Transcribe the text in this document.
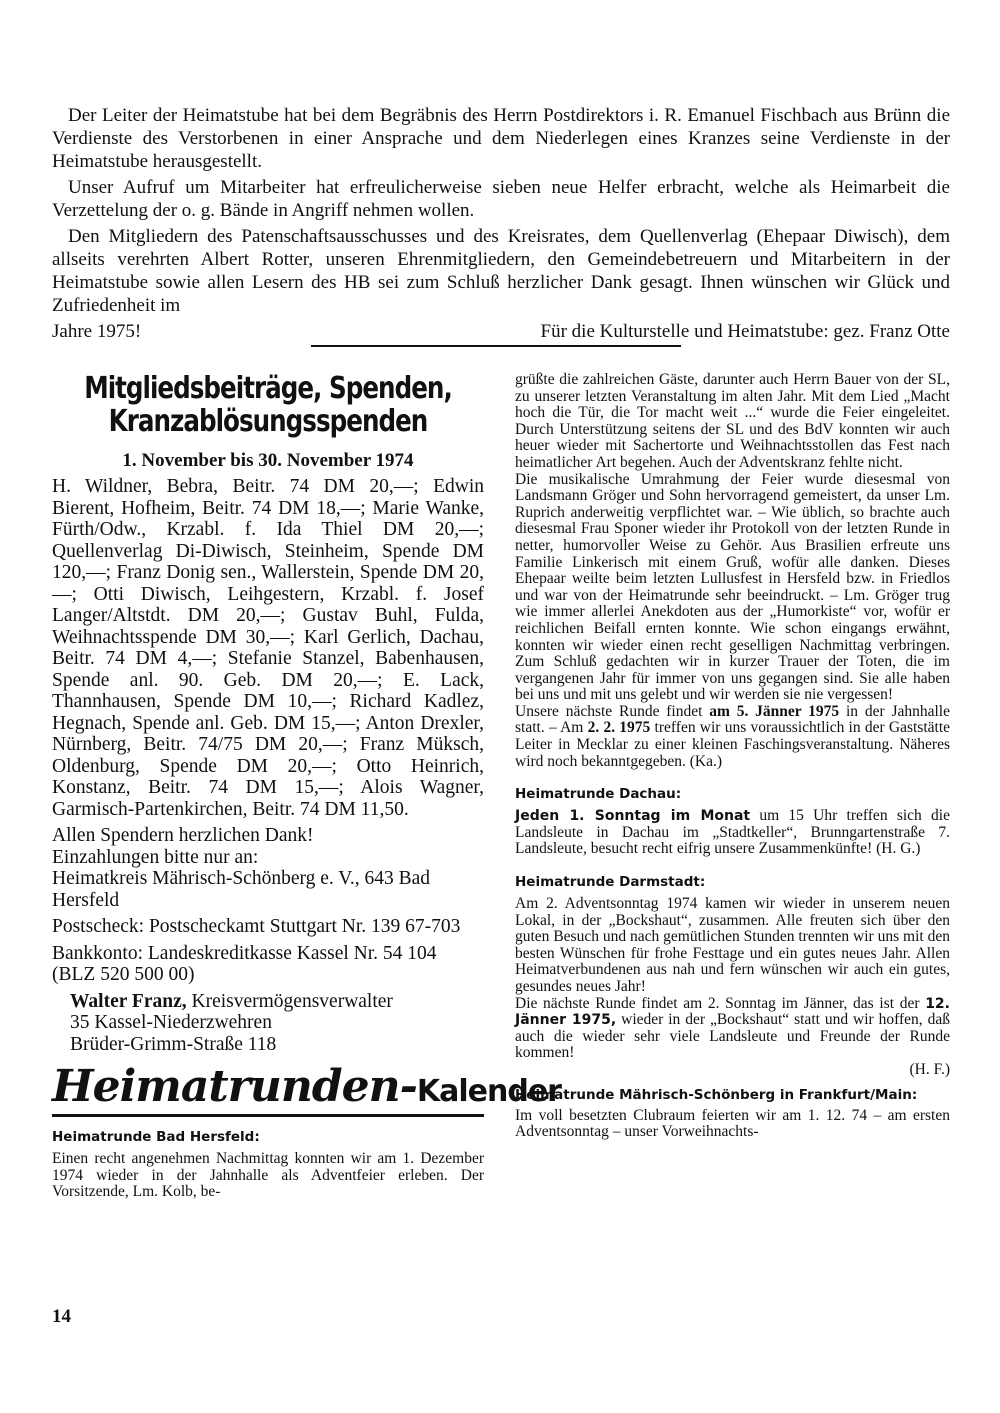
Der Leiter der Heimatstube hat bei dem Begräbnis des Herrn Postdirektors i. R. Emanuel Fischbach aus Brünn die Verdienste des Verstorbenen in einer Ansprache und dem Niederlegen eines Kranzes seine Verdienste in der Heimatstube herausgestellt.

Unser Aufruf um Mitarbeiter hat erfreulicherweise sieben neue Helfer erbracht, welche als Heimarbeit die Verzettelung der o. g. Bände in Angriff nehmen wollen.

Den Mitgliedern des Patenschaftsausschusses und des Kreisrates, dem Quellenverlag (Ehepaar Diwisch), dem allseits verehrten Albert Rotter, unseren Ehrenmitgliedern, den Gemeindebetreuern und Mitarbeitern in der Heimatstube sowie allen Lesern des HB sei zum Schluß herzlicher Dank gesagt. Ihnen wünschen wir Glück und Zufriedenheit im

Jahre 1975!	Für die Kulturstelle und Heimatstube: gez. Franz Otte
Mitgliedsbeiträge, Spenden,
Kranzablösungsspenden
1. November bis 30. November 1974

H. Wildner, Bebra, Beitr. 74 DM 20,—; Edwin Bierent, Hofheim, Beitr. 74 DM 18,—; Marie Wanke, Fürth/Odw., Krzabl. f. Ida Thiel DM 20,—; Quellenverlag Di-Diwisch, Steinheim, Spende DM 120,—; Franz Donig sen., Wallerstein, Spende DM 20,—; Otti Diwisch, Leihgestern, Krzabl. f. Josef Langer/Altstdt. DM 20,—; Gustav Buhl, Fulda, Weihnachtsspende DM 30,—; Karl Gerlich, Dachau, Beitr. 74 DM 4,—; Stefanie Stanzel, Babenhausen, Spende anl. 90. Geb. DM 20,—; E. Lack, Thannhausen, Spende DM 10,—; Richard Kadlez, Hegnach, Spende anl. Geb. DM 15,—; Anton Drexler, Nürnberg, Beitr. 74/75 DM 20,—; Franz Müksch, Oldenburg, Spende DM 20,—; Otto Heinrich, Konstanz, Beitr. 74 DM 15,—; Alois Wagner, Garmisch-Partenkirchen, Beitr. 74 DM 11,50.

Allen Spendern herzlichen Dank!

Einzahlungen bitte nur an:

Heimatkreis Mährisch-Schönberg e. V., 643 Bad Hersfeld

Postscheck: Postscheckamt Stuttgart Nr. 139 67-703

Bankkonto: Landeskreditkasse Kassel Nr. 54 104 (BLZ 520 500 00)

Walter Franz, Kreisvermögensverwalter

35 Kassel-Niederzwehren

Brüder-Grimm-Straße 118

Heimatrunden-Kalender

Heimatrunde Bad Hersfeld:

Einen recht angenehmen Nachmittag konnten wir am 1. Dezember 1974 wieder in der Jahnhalle als Adventfeier erleben. Der Vorsitzende, Lm. Kolb, be-

grüßte die zahlreichen Gäste, darunter auch Herrn Bauer von der SL, zu unserer letzten Veranstaltung im alten Jahr. Mit dem Lied „Macht hoch die Tür, die Tor macht weit ...“ wurde die Feier eingeleitet. Durch Unterstützung seitens der SL und des BdV konnten wir auch heuer wieder mit Sachertorte und Weihnachtsstollen das Fest nach heimatlicher Art begehen. Auch der Adventskranz fehlte nicht.

Die musikalische Umrahmung der Feier wurde diesesmal von Landsmann Gröger und Sohn hervorragend gemeistert, da unser Lm. Ruprich anderweitig verpflichtet war. – Wie üblich, so brachte auch diesesmal Frau Sponer wieder ihr Protokoll von der letzten Runde in netter, humorvoller Weise zu Gehör. Aus Brasilien erfreute uns Familie Linkerisch mit einem Gruß, wofür alle danken. Dieses Ehepaar weilte beim letzten Lullusfest in Hersfeld bzw. in Friedlos und war von der Heimatrunde sehr beeindruckt. – Lm. Gröger trug wie immer allerlei Anekdoten aus der „Humorkiste“ vor, wofür er reichlichen Beifall ernten konnte. Wie schon eingangs erwähnt, konnten wir wieder einen recht geselligen Nachmittag verbringen. Zum Schluß gedachten wir in kurzer Trauer der Toten, die im vergangenen Jahr für immer von uns gegangen sind. Sie alle haben bei uns und mit uns gelebt und wir werden sie nie vergessen!

Unsere nächste Runde findet am 5. Jänner 1975 in der Jahnhalle statt. – Am 2. 2. 1975 treffen wir uns voraussichtlich in der Gaststätte Leiter in Mecklar zu einer kleinen Faschingsveranstaltung. Näheres wird noch bekanntgegeben. (Ka.)

Heimatrunde Dachau:

Jeden 1. Sonntag im Monat um 15 Uhr treffen sich die Landsleute in Dachau im „Stadtkeller“, Brunngartenstraße 7. Landsleute, besucht recht eifrig unsere Zusammenkünfte! (H. G.)

Heimatrunde Darmstadt:

Am 2. Adventsonntag 1974 kamen wir wieder in unserem neuen Lokal, in der „Bockshaut“, zusammen. Alle freuten sich über den guten Besuch und nach gemütlichen Stunden trennten wir uns mit den besten Wünschen für frohe Festtage und ein gutes neues Jahr. Allen Heimatverbundenen aus nah und fern wünschen wir auch ein gutes, gesundes neues Jahr!

Die nächste Runde findet am 2. Sonntag im Jänner, das ist der 12. Jänner 1975, wieder in der „Bockshaut“ statt und wir hoffen, daß auch die wieder sehr viele Landsleute und Freunde der Runde kommen!

(H. F.)

Heimatrunde Mährisch-Schönberg in Frankfurt/Main:

Im voll besetzten Clubraum feierten wir am 1. 12. 74 – am ersten Adventsonntag – unser Vorweihnachts-

14
